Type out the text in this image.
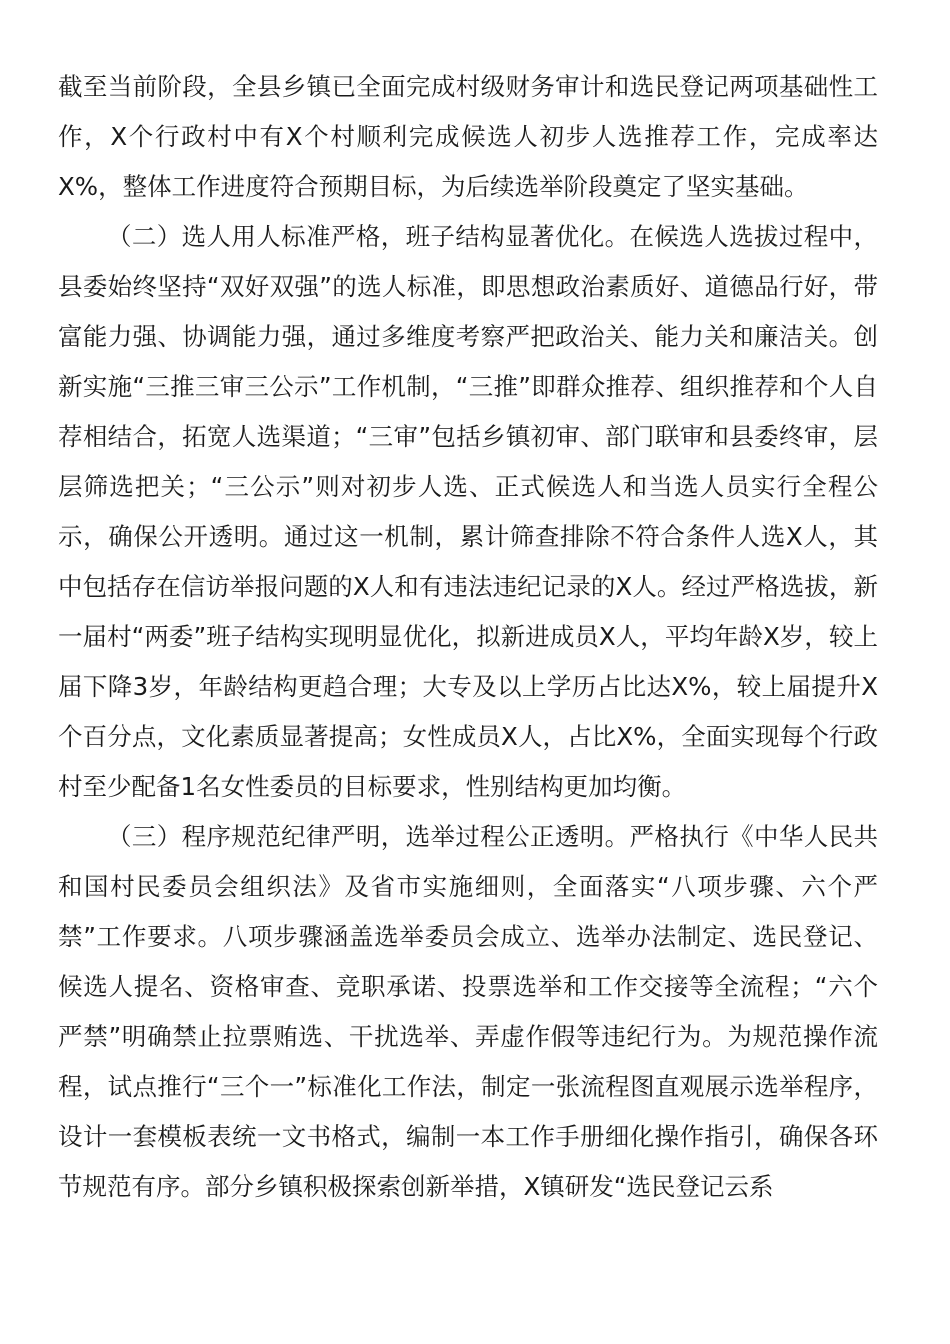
截至当前阶段，全县乡镇已全面完成村级财务审计和选民登记两项基础性工作，X个行政村中有X个村顺利完成候选人初步人选推荐工作，完成率达X%，整体工作进度符合预期目标，为后续选举阶段奠定了坚实基础。

（二）选人用人标准严格，班子结构显著优化。在候选人选拔过程中，县委始终坚持“双好双强”的选人标准，即思想政治素质好、道德品行好，带富能力强、协调能力强，通过多维度考察严把政治关、能力关和廉洁关。创新实施“三推三审三公示”工作机制，“三推”即群众推荐、组织推荐和个人自荐相结合，拓宽人选渠道；“三审”包括乡镇初审、部门联审和县委终审，层层筛选把关；“三公示”则对初步人选、正式候选人和当选人员实行全程公示，确保公开透明。通过这一机制，累计筛查排除不符合条件人选X人，其中包括存在信访举报问题的X人和有违法违纪记录的X人。经过严格选拔，新一届村“两委”班子结构实现明显优化，拟新进成员X人，平均年龄X岁，较上届下降3岁，年龄结构更趋合理；大专及以上学历占比达X%，较上届提升X个百分点，文化素质显著提高；女性成员X人，占比X%，全面实现每个行政村至少配备1名女性委员的目标要求，性别结构更加均衡。

（三）程序规范纪律严明，选举过程公正透明。严格执行《中华人民共和国村民委员会组织法》及省市实施细则，全面落实“八项步骤、六个严禁”工作要求。八项步骤涵盖选举委员会成立、选举办法制定、选民登记、候选人提名、资格审查、竞职承诺、投票选举和工作交接等全流程；“六个严禁”明确禁止拉票贿选、干扰选举、弄虚作假等违纪行为。为规范操作流程，试点推行“三个一”标准化工作法，制定一张流程图直观展示选举程序，设计一套模板表统一文书格式，编制一本工作手册细化操作指引，确保各环节规范有序。部分乡镇积极探索创新举措，X镇研发“选民登记云系
